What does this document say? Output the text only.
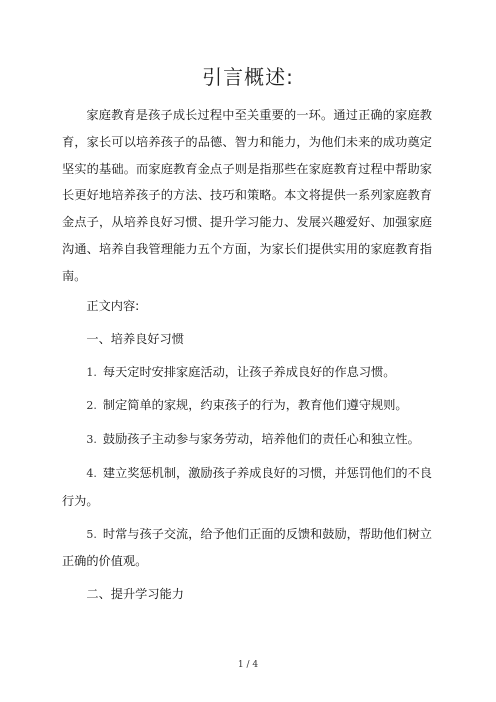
引言概述:

家庭教育是孩子成长过程中至关重要的一环。通过正确的家庭教育，家长可以培养孩子的品德、智力和能力，为他们未来的成功奠定坚实的基础。而家庭教育金点子则是指那些在家庭教育过程中帮助家长更好地培养孩子的方法、技巧和策略。本文将提供一系列家庭教育金点子，从培养良好习惯、提升学习能力、发展兴趣爱好、加强家庭沟通、培养自我管理能力五个方面，为家长们提供实用的家庭教育指南。

正文内容:

一、培养良好习惯

1. 每天定时安排家庭活动，让孩子养成良好的作息习惯。

2. 制定简单的家规，约束孩子的行为，教育他们遵守规则。

3. 鼓励孩子主动参与家务劳动，培养他们的责任心和独立性。

4. 建立奖惩机制，激励孩子养成良好的习惯，并惩罚他们的不良行为。

5. 时常与孩子交流，给予他们正面的反馈和鼓励，帮助他们树立正确的价值观。

二、提升学习能力

1 / 4
